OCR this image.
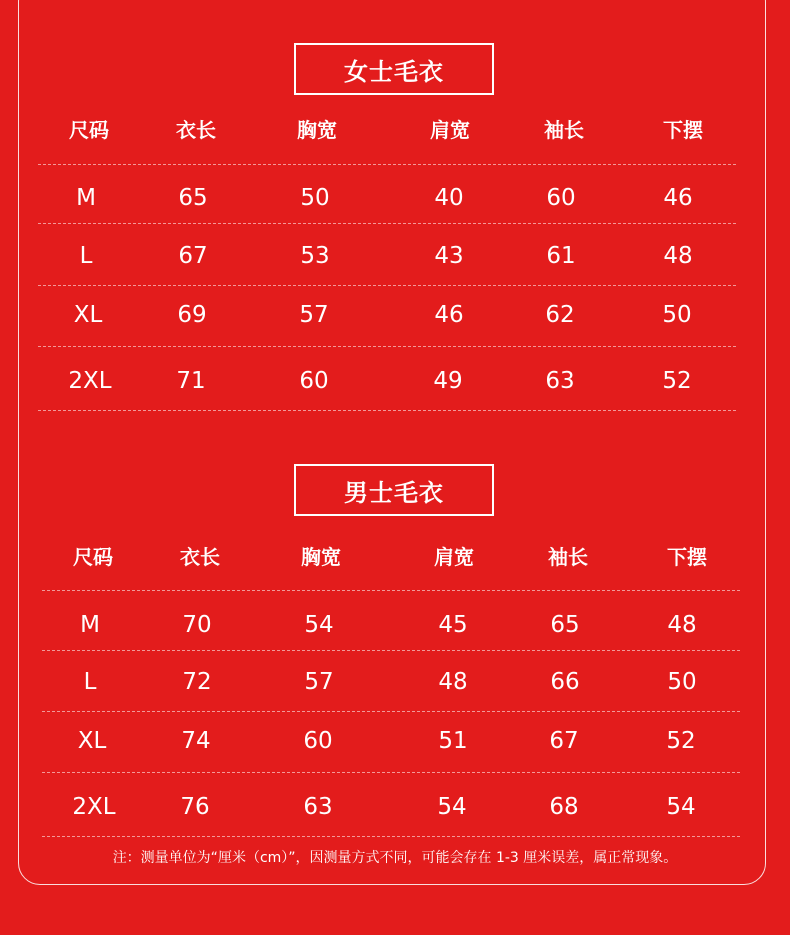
女士毛衣
尺码	衣长	胸宽	肩宽	袖长	下摆
M	65	50	40	60	46
L	67	53	43	61	48
XL	69	57	46	62	50
2XL	71	60	49	63	52
男士毛衣
尺码	衣长	胸宽	肩宽	袖长	下摆
M	70	54	45	65	48
L	72	57	48	66	50
XL	74	60	51	67	52
2XL	76	63	54	68	54
注：测量单位为“厘米（cm）”，因测量方式不同，可能会存在 1-3 厘米误差，属正常现象。
